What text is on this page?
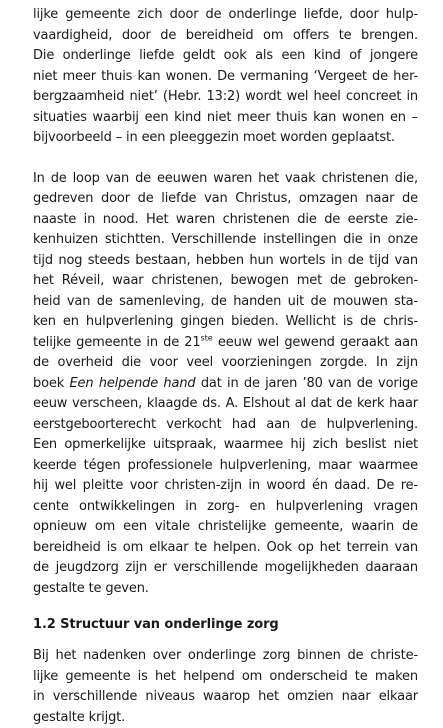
lijke gemeente zich door de onderlinge liefde, door hulp-
vaardigheid, door de bereidheid om offers te brengen.
Die onderlinge liefde geldt ook als een kind of jongere
niet meer thuis kan wonen. De vermaning ‘Vergeet de her-
bergzaamheid niet’ (Hebr. 13:2) wordt wel heel concreet in
situaties waarbij een kind niet meer thuis kan wonen en –
bijvoorbeeld – in een pleeggezin moet worden geplaatst.

In de loop van de eeuwen waren het vaak christenen die,
gedreven door de liefde van Christus, omzagen naar de
naaste in nood. Het waren christenen die de eerste zie-
kenhuizen stichtten. Verschillende instellingen die in onze
tijd nog steeds bestaan, hebben hun wortels in de tijd van
het Réveil, waar christenen, bewogen met de gebroken-
heid van de samenleving, de handen uit de mouwen sta-
ken en hulpverlening gingen bieden. Wellicht is de chris-
telijke gemeente in de 21ste eeuw wel gewend geraakt aan
de overheid die voor veel voorzieningen zorgde. In zijn
boek Een helpende hand dat in de jaren ’80 van de vorige
eeuw verscheen, klaagde ds. A. Elshout al dat de kerk haar
eerstgeboorterecht verkocht had aan de hulpverlening.
Een opmerkelijke uitspraak, waarmee hij zich beslist niet
keerde tégen professionele hulpverlening, maar waarmee
hij wel pleitte voor christen-zijn in woord én daad. De re-
cente ontwikkelingen in zorg- en hulpverlening vragen
opnieuw om een vitale christelijke gemeente, waarin de
bereidheid is om elkaar te helpen. Ook op het terrein van
de jeugdzorg zijn er verschillende mogelijkheden daaraan
gestalte te geven.

1.2 Structuur van onderlinge zorg

Bij het nadenken over onderlinge zorg binnen de christe-
lijke gemeente is het helpend om onderscheid te maken
in verschillende niveaus waarop het omzien naar elkaar
gestalte krijgt.
